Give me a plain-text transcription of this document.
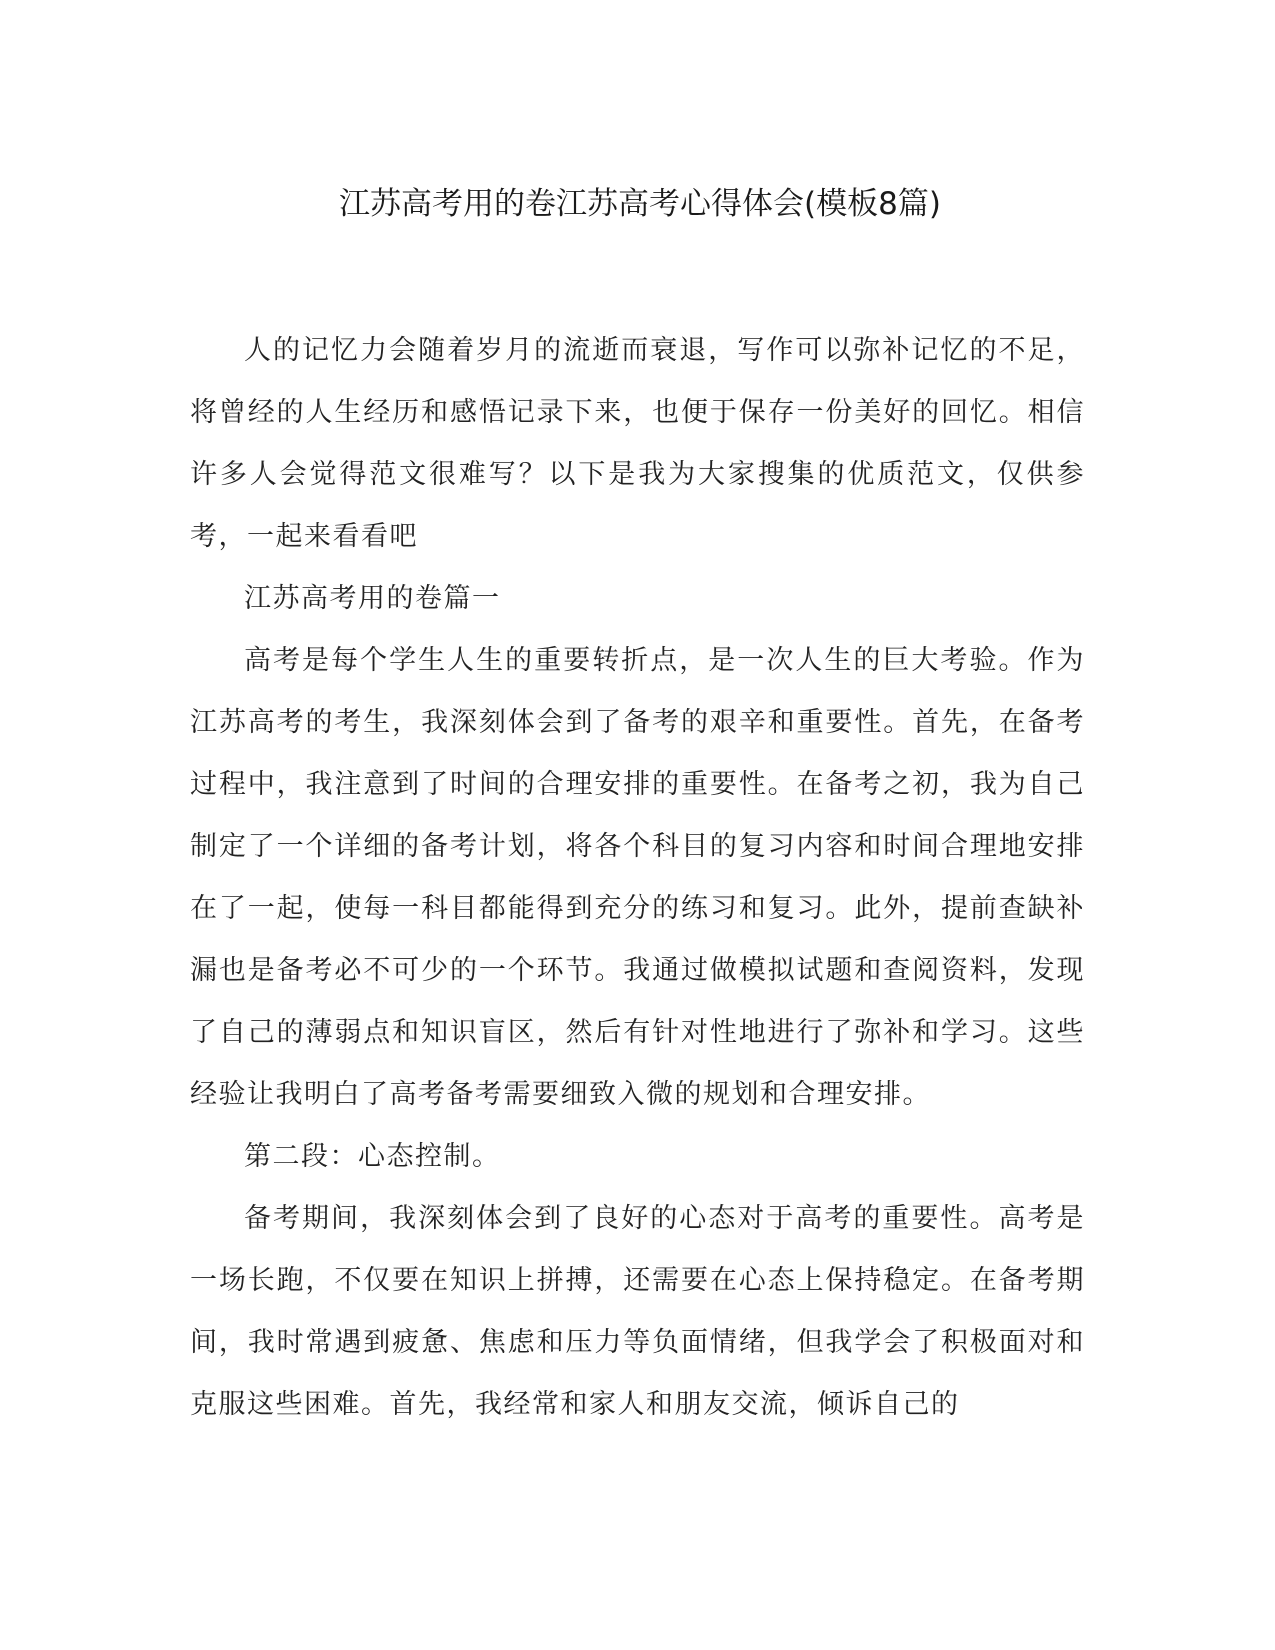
江苏高考用的卷江苏高考心得体会(模板8篇)

人的记忆力会随着岁月的流逝而衰退，写作可以弥补记忆的不足，将曾经的人生经历和感悟记录下来，也便于保存一份美好的回忆。相信许多人会觉得范文很难写？以下是我为大家搜集的优质范文，仅供参考，一起来看看吧

江苏高考用的卷篇一

高考是每个学生人生的重要转折点，是一次人生的巨大考验。作为江苏高考的考生，我深刻体会到了备考的艰辛和重要性。首先，在备考过程中，我注意到了时间的合理安排的重要性。在备考之初，我为自己制定了一个详细的备考计划，将各个科目的复习内容和时间合理地安排在了一起，使每一科目都能得到充分的练习和复习。此外，提前查缺补漏也是备考必不可少的一个环节。我通过做模拟试题和查阅资料，发现了自己的薄弱点和知识盲区，然后有针对性地进行了弥补和学习。这些经验让我明白了高考备考需要细致入微的规划和合理安排。

第二段：心态控制。

备考期间，我深刻体会到了良好的心态对于高考的重要性。高考是一场长跑，不仅要在知识上拼搏，还需要在心态上保持稳定。在备考期间，我时常遇到疲惫、焦虑和压力等负面情绪，但我学会了积极面对和克服这些困难。首先，我经常和家人和朋友交流，倾诉自己的
